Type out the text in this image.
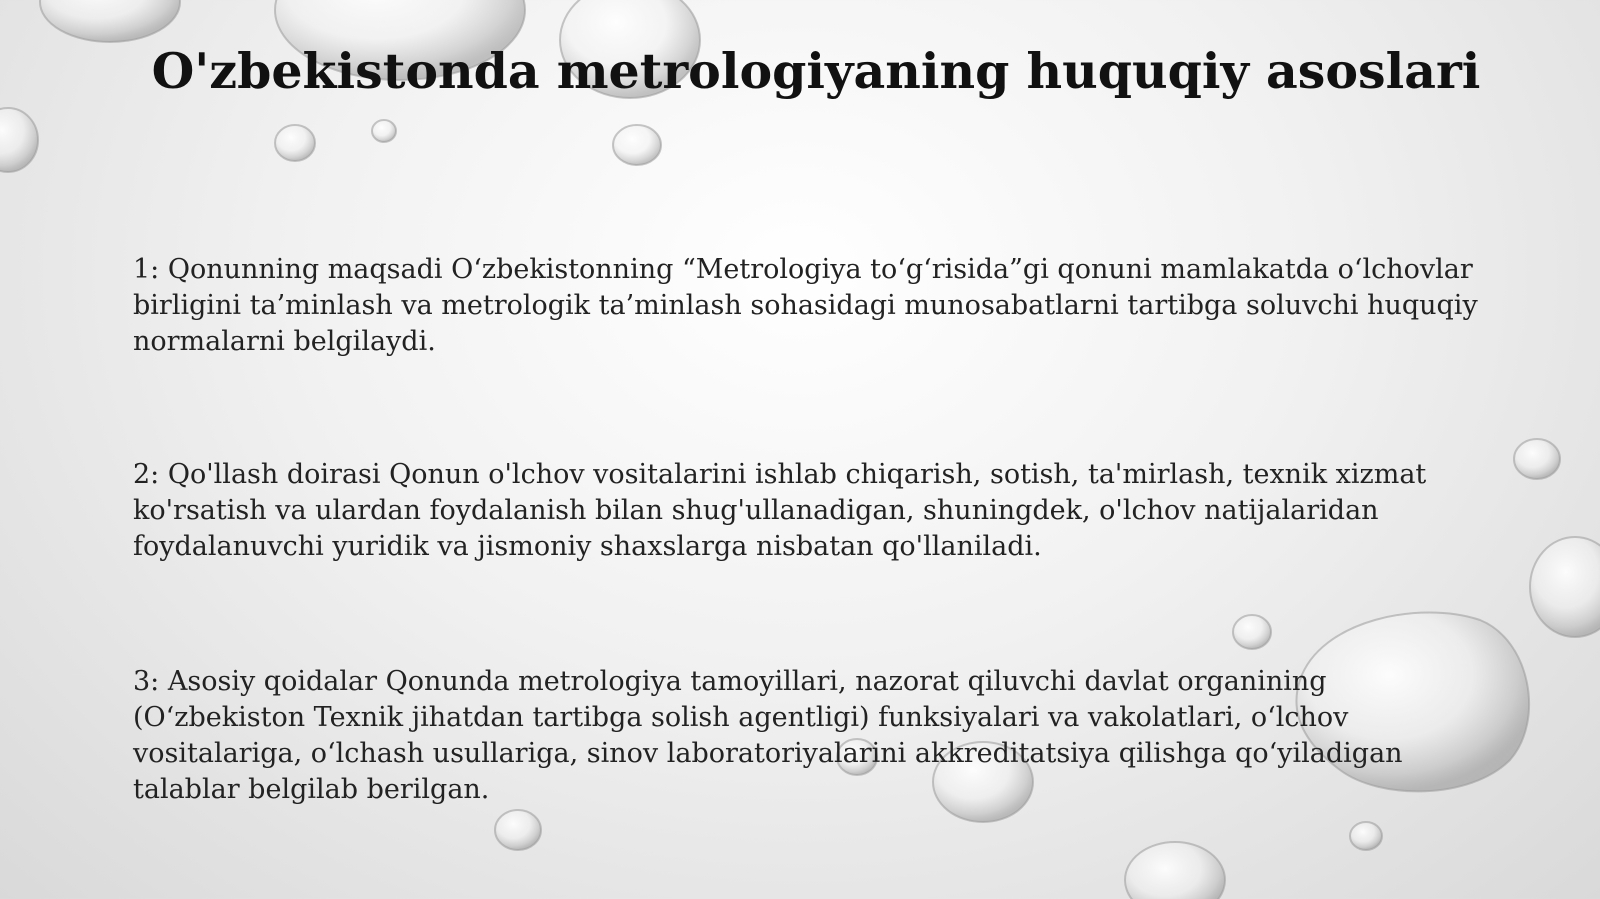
O'zbekistonda metrologiyaning huquqiy asoslari

1: Qonunning maqsadi O‘zbekistonning “Metrologiya to‘g‘risida”gi qonuni mamlakatda o‘lchovlar birligini ta’minlash va metrologik ta’minlash sohasidagi munosabatlarni tartibga soluvchi huquqiy normalarni belgilaydi.

2: Qo'llash doirasi Qonun o'lchov vositalarini ishlab chiqarish, sotish, ta'mirlash, texnik xizmat ko'rsatish va ulardan foydalanish bilan shug'ullanadigan, shuningdek, o'lchov natijalaridan foydalanuvchi yuridik va jismoniy shaxslarga nisbatan qo'llaniladi.

3: Asosiy qoidalar Qonunda metrologiya tamoyillari, nazorat qiluvchi davlat organining (O‘zbekiston Texnik jihatdan tartibga solish agentligi) funksiyalari va vakolatlari, o‘lchov vositalariga, o‘lchash usullariga, sinov laboratoriyalarini akkreditatsiya qilishga qo‘yiladigan talablar belgilab berilgan.
